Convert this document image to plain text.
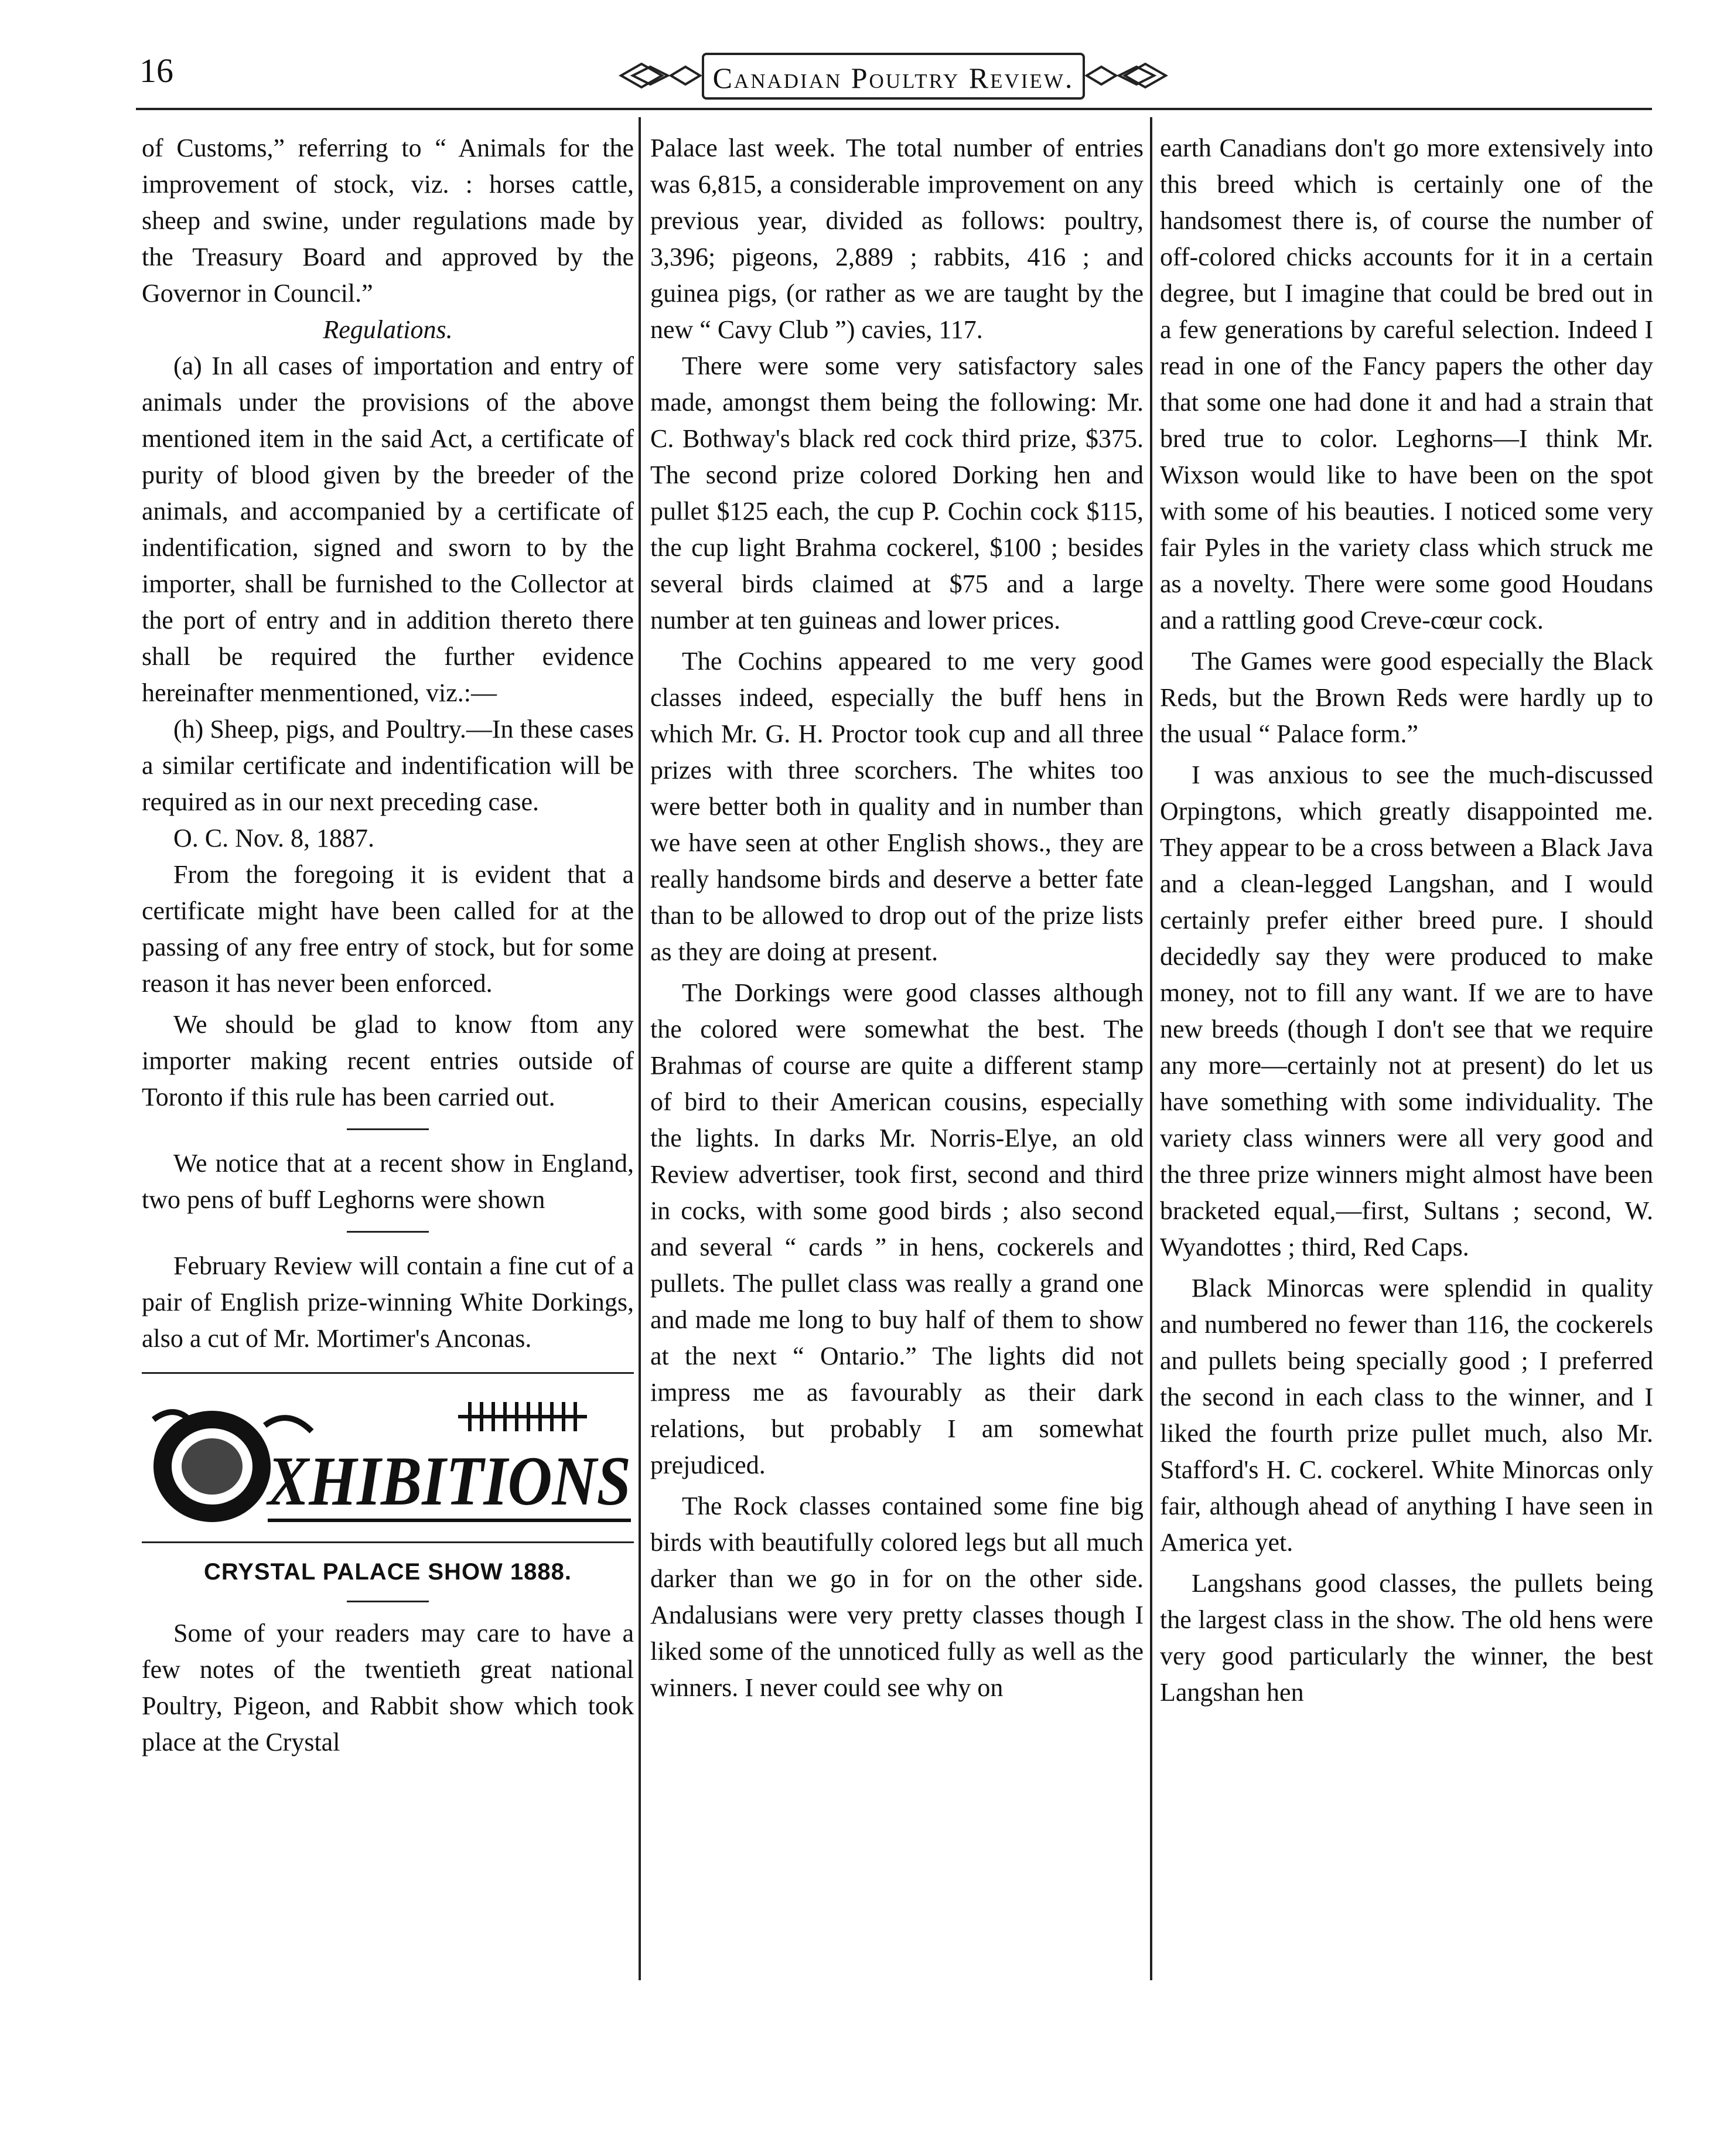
16	Canadian Poultry Review.

of Customs,” referring to “ Animals for the improvement of stock, viz. : horses cattle, sheep and swine, under regulations made by the Treasury Board and approved by the Governor in Council.”

Regulations.

(a) In all cases of importation and entry of animals under the provisions of the above mentioned item in the said Act, a certificate of purity of blood given by the breeder of the animals, and accompanied by a certificate of indentification, signed and sworn to by the importer, shall be furnished to the Collector at the port of entry and in addition thereto there shall be required the further evidence hereinafter menmentioned, viz.:—

(h) Sheep, pigs, and Poultry.—In these cases a similar certificate and indentification will be required as in our next preceding case.

O. C. Nov. 8, 1887.

From the foregoing it is evident that a certificate might have been called for at the passing of any free entry of stock, but for some reason it has never been enforced.

We should be glad to know ftom any importer making recent entries outside of Toronto if this rule has been carried out.

We notice that at a recent show in England, two pens of buff Leghorns were shown

February Review will contain a fine cut of a pair of English prize-winning White Dorkings, also a cut of Mr. Mortimer's Anconas.

XHIBITIONS

CRYSTAL PALACE SHOW 1888.

Some of your readers may care to have a few notes of the twentieth great national Poultry, Pigeon, and Rabbit show which took place at the Crystal

Palace last week. The total number of entries was 6,815, a considerable improvement on any previous year, divided as follows: poultry, 3,396; pigeons, 2,889 ; rabbits, 416 ; and guinea pigs, (or rather as we are taught by the new “ Cavy Club ”) cavies, 117.

There were some very satisfactory sales made, amongst them being the following: Mr. C. Bothway's black red cock third prize, $375. The second prize colored Dorking hen and pullet $125 each, the cup P. Cochin cock $115, the cup light Brahma cockerel, $100 ; besides several birds claimed at $75 and a large number at ten guineas and lower prices.

The Cochins appeared to me very good classes indeed, especially the buff hens in which Mr. G. H. Proctor took cup and all three prizes with three scorchers. The whites too were better both in quality and in number than we have seen at other English shows., they are really handsome birds and deserve a better fate than to be allowed to drop out of the prize lists as they are doing at present.

The Dorkings were good classes although the colored were somewhat the best. The Brahmas of course are quite a different stamp of bird to their American cousins, especially the lights. In darks Mr. Norris-Elye, an old Review advertiser, took first, second and third in cocks, with some good birds ; also second and several “ cards ” in hens, cockerels and pullets. The pullet class was really a grand one and made me long to buy half of them to show at the next “ Ontario.” The lights did not impress me as favourably as their dark relations, but probably I am somewhat prejudiced.

The Rock classes contained some fine big birds with beautifully colored legs but all much darker than we go in for on the other side. Andalusians were very pretty classes though I liked some of the unnoticed fully as well as the winners. I never could see why on

earth Canadians don't go more extensively into this breed which is certainly one of the handsomest there is, of course the number of off-colored chicks accounts for it in a certain degree, but I imagine that could be bred out in a few generations by careful selection. Indeed I read in one of the Fancy papers the other day that some one had done it and had a strain that bred true to color. Leghorns—I think Mr. Wixson would like to have been on the spot with some of his beauties. I noticed some very fair Pyles in the variety class which struck me as a novelty. There were some good Houdans and a rattling good Creve-cœur cock.

The Games were good especially the Black Reds, but the Brown Reds were hardly up to the usual “ Palace form.”

I was anxious to see the much-discussed Orpingtons, which greatly disappointed me. They appear to be a cross between a Black Java and a clean-legged Langshan, and I would certainly prefer either breed pure. I should decidedly say they were produced to make money, not to fill any want. If we are to have new breeds (though I don't see that we require any more—certainly not at present) do let us have something with some individuality. The variety class winners were all very good and the three prize winners might almost have been bracketed equal,—first, Sultans ; second, W. Wyandottes ; third, Red Caps.

Black Minorcas were splendid in quality and numbered no fewer than 116, the cockerels and pullets being specially good ; I preferred the second in each class to the winner, and I liked the fourth prize pullet much, also Mr. Stafford's H. C. cockerel. White Minorcas only fair, although ahead of anything I have seen in America yet.

Langshans good classes, the pullets being the largest class in the show. The old hens were very good particularly the winner, the best Langshan hen
